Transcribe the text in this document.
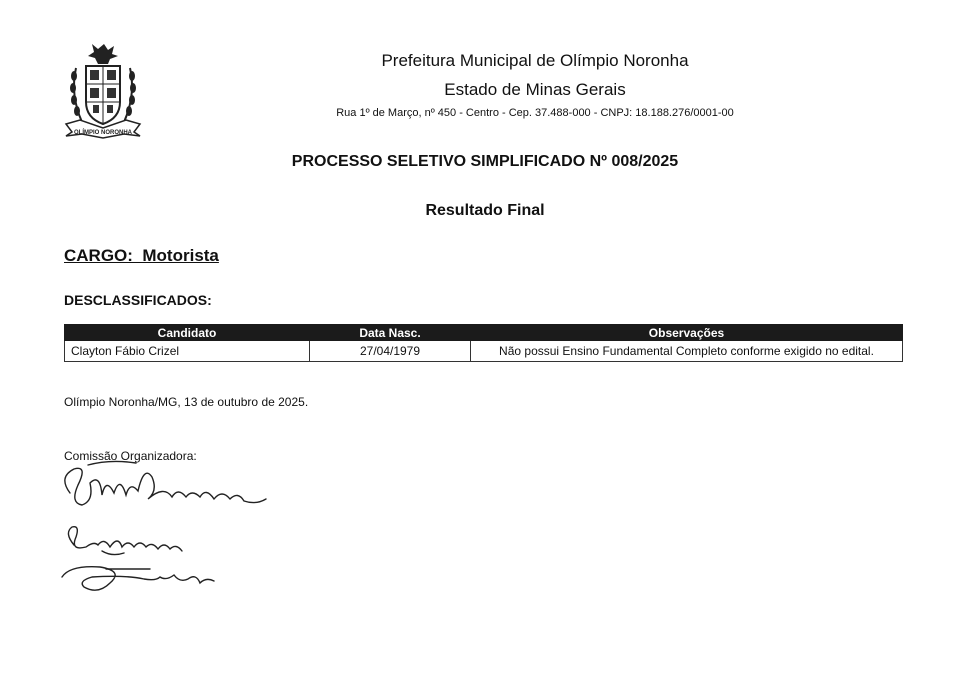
OLÍMPIO NORONHA
Prefeitura Municipal de Olímpio Noronha
Estado de Minas Gerais
Rua 1º de Março, nº 450 - Centro - Cep. 37.488-000 - CNPJ: 18.188.276/0001-00
PROCESSO SELETIVO SIMPLIFICADO Nº 008/2025
Resultado Final
CARGO:  Motorista
DESCLASSIFICADOS:
Candidato	Data Nasc.	Observações
Clayton Fábio Crizel	27/04/1979	Não possui Ensino Fundamental Completo conforme exigido no edital.
Olímpio Noronha/MG, 13 de outubro de 2025.
Comissão Organizadora:
